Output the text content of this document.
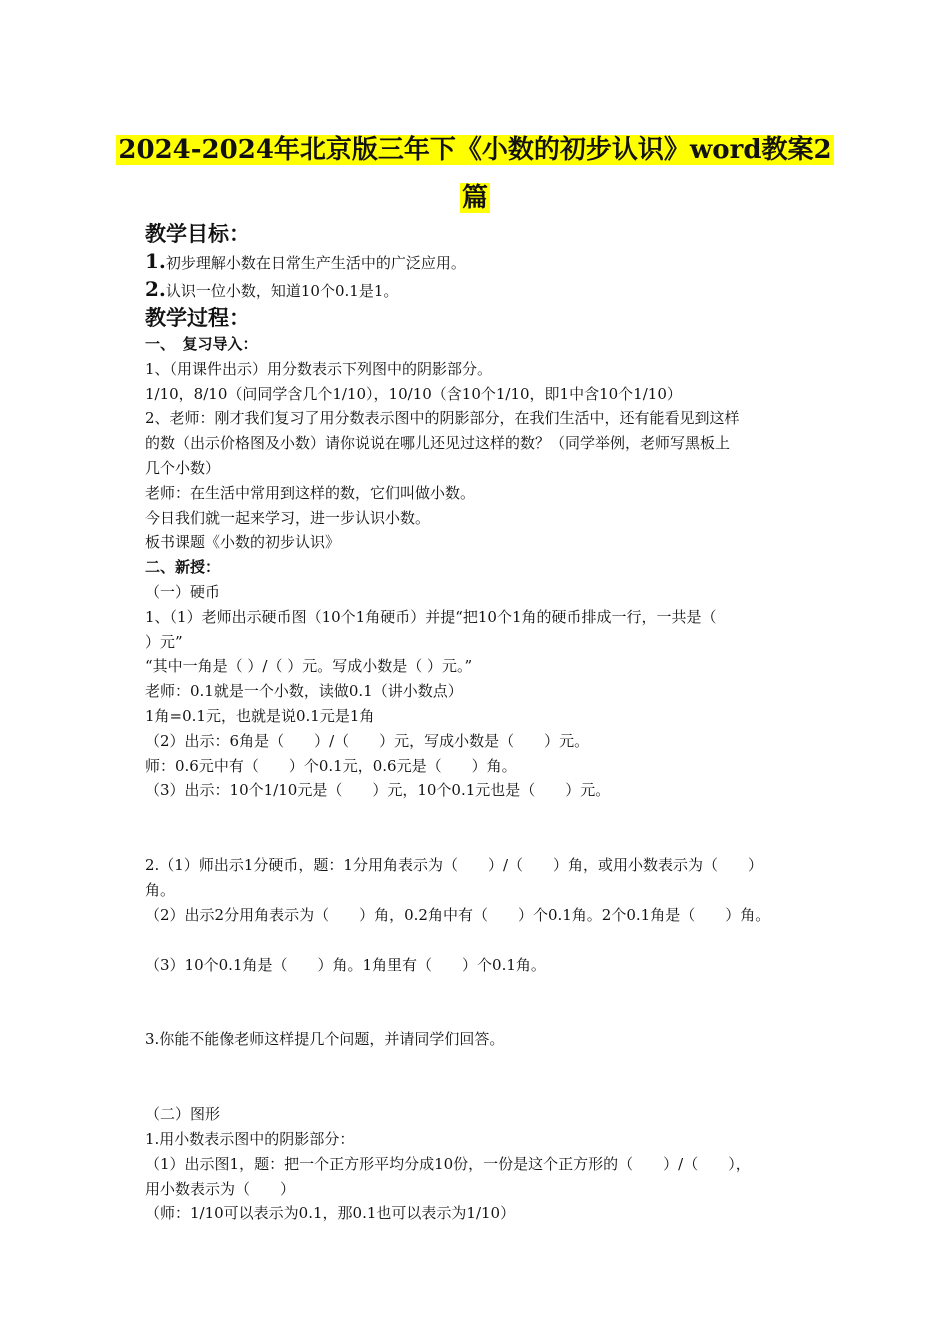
2024-2024年北京版三年下《小数的初步认识》word教案2
篇

教学目标：

1.初步理解小数在日常生产生活中的广泛应用。

2.认识一位小数，知道10个0.1是1。

教学过程：

一、　复习导入：

1、（用课件出示）用分数表示下列图中的阴影部分。

1/10，8/10（问同学含几个1/10），10/10（含10个1/10，即1中含10个1/10）

2、老师：刚才我们复习了用分数表示图中的阴影部分，在我们生活中，还有能看见到这样

的数（出示价格图及小数）请你说说在哪儿还见过这样的数？（同学举例，老师写黑板上

几个小数）

老师：在生活中常用到这样的数，它们叫做小数。

今日我们就一起来学习，进一步认识小数。

板书课题《小数的初步认识》

二、新授：

（一）硬币

1、（1）老师出示硬币图（10个1角硬币）并提“把10个1角的硬币排成一行，一共是（

）元”

“其中一角是（ ）/（ ）元。写成小数是（ ）元。”

老师：0.1就是一个小数，读做0.1（讲小数点）

1角=0.1元，也就是说0.1元是1角

（2）出示：6角是（　　）/（　　）元，写成小数是（　　）元。

师：0.6元中有（　　）个0.1元，0.6元是（　　）角。

（3）出示：10个1/10元是（　　）元，10个0.1元也是（　　）元。

2.（1）师出示1分硬币，题：1分用角表示为（　　）/（　　）角，或用小数表示为（　　）

角。

（2）出示2分用角表示为（　　）角，0.2角中有（　　）个0.1角。2个0.1角是（　　）角。

（3）10个0.1角是（　　）角。1角里有（　　）个0.1角。

3.你能不能像老师这样提几个问题，并请同学们回答。

（二）图形

1.用小数表示图中的阴影部分：

（1）出示图1，题：把一个正方形平均分成10份，一份是这个正方形的（　　）/（　　），

用小数表示为（　　）

（师：1/10可以表示为0.1，那0.1也可以表示为1/10）
